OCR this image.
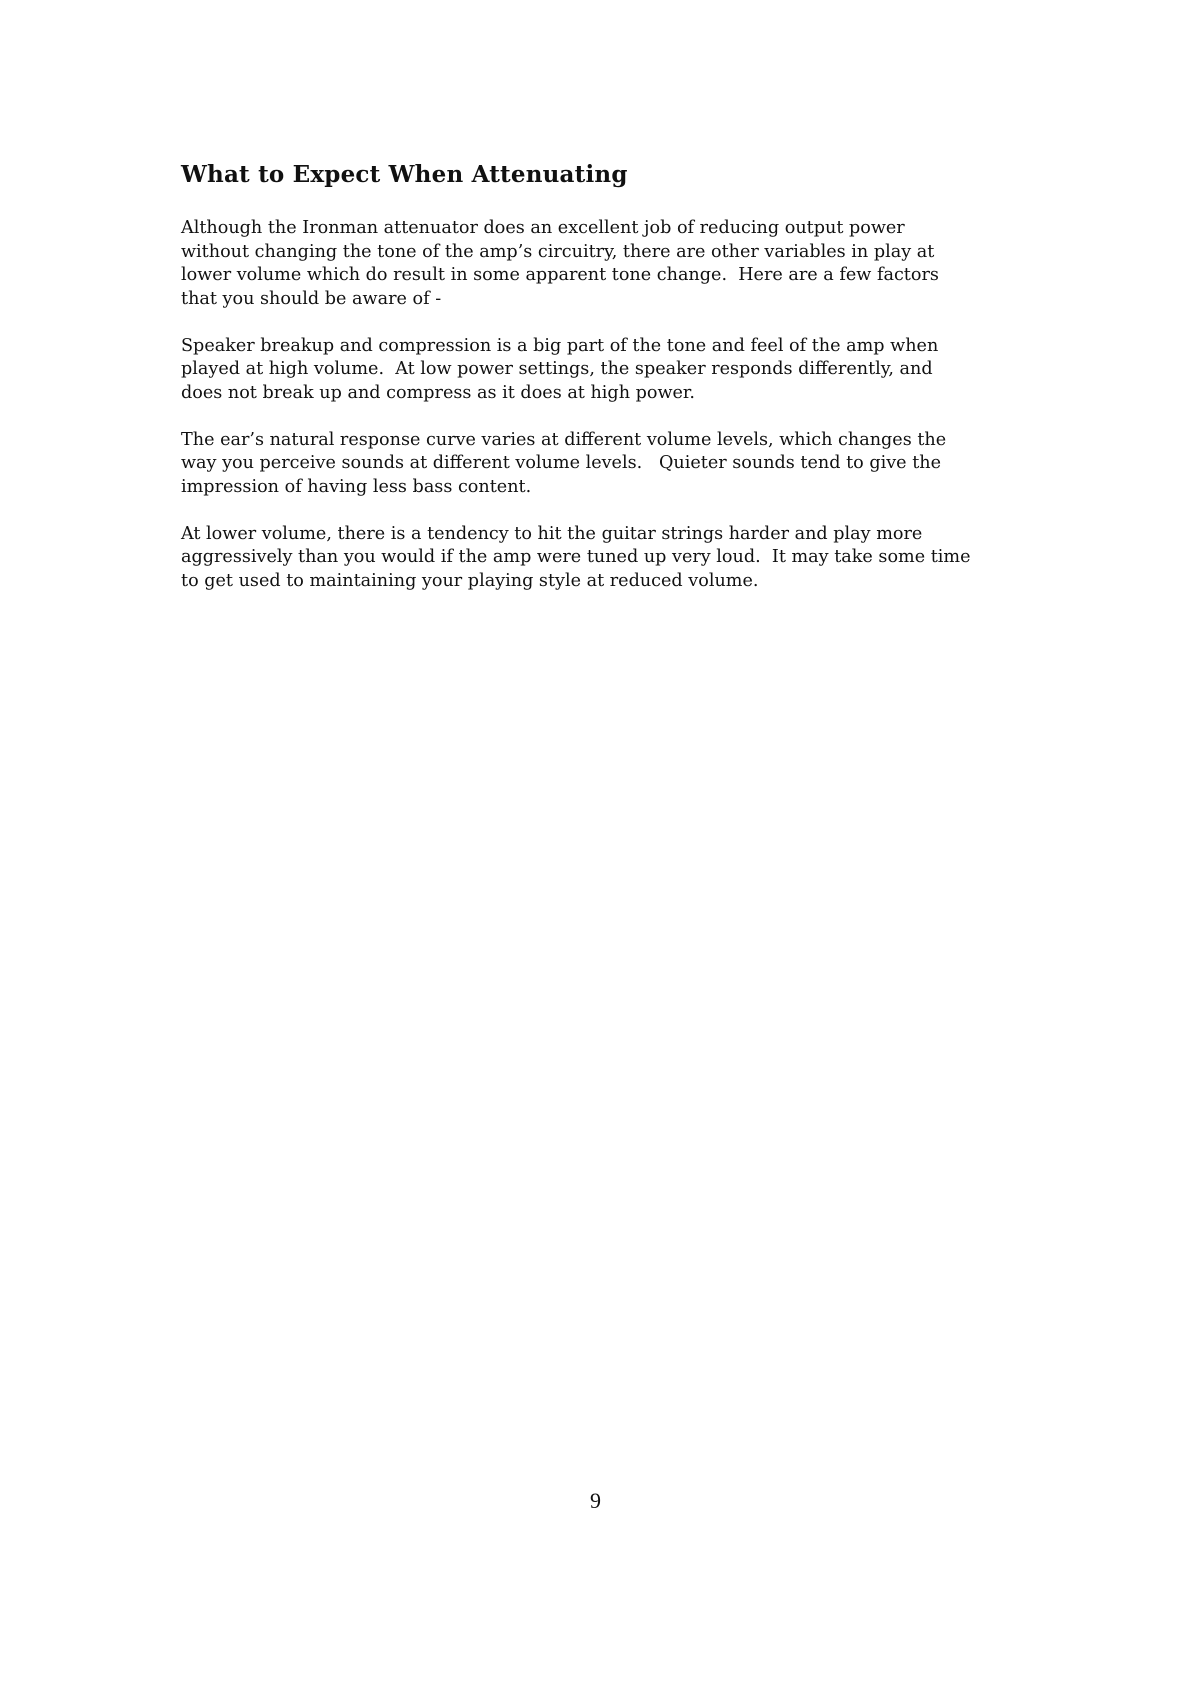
What to Expect When Attenuating

Although the Ironman attenuator does an excellent job of reducing output power
without changing the tone of the amp’s circuitry, there are other variables in play at
lower volume which do result in some apparent tone change.  Here are a few factors
that you should be aware of -

Speaker breakup and compression is a big part of the tone and feel of the amp when
played at high volume.  At low power settings, the speaker responds differently, and
does not break up and compress as it does at high power.

The ear’s natural response curve varies at different volume levels, which changes the
way you perceive sounds at different volume levels.   Quieter sounds tend to give the
impression of having less bass content.

At lower volume, there is a tendency to hit the guitar strings harder and play more
aggressively than you would if the amp were tuned up very loud.  It may take some time
to get used to maintaining your playing style at reduced volume.

9
